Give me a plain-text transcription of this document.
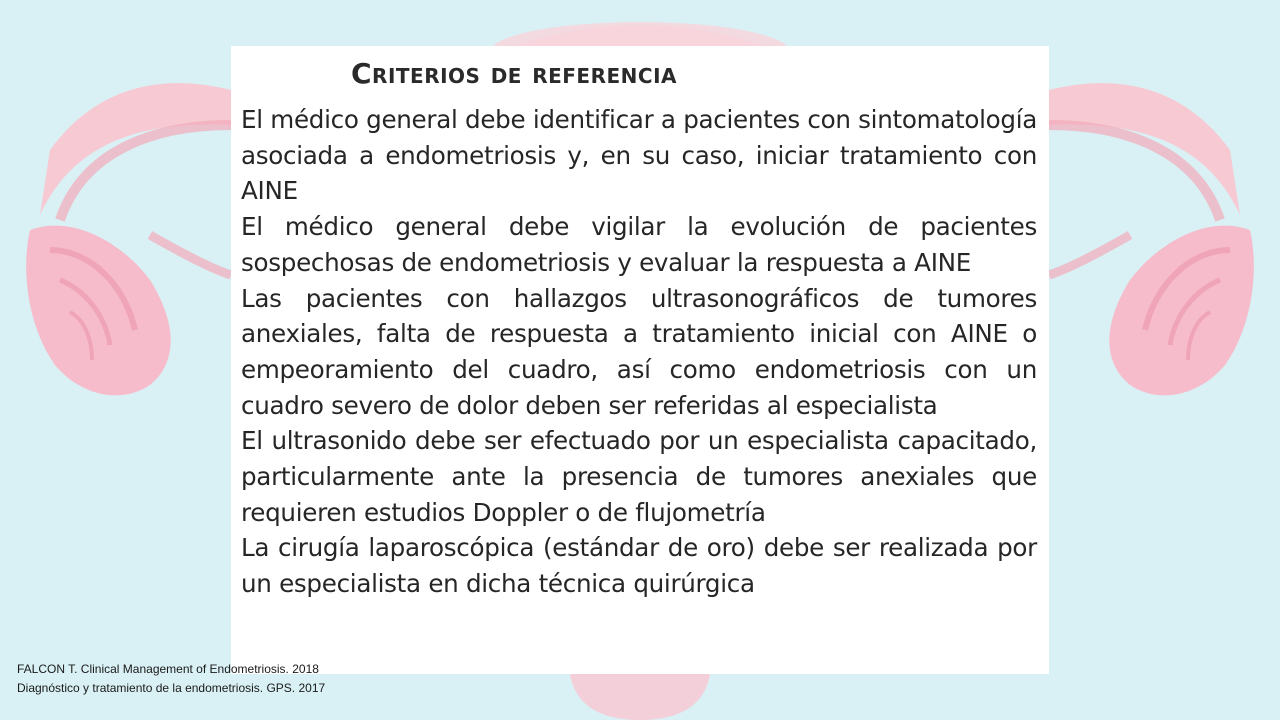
Criterios de referencia
El médico general debe identificar a pacientes con sintomatología asociada a endometriosis y, en su caso, iniciar tratamiento con AINE
El médico general debe vigilar la evolución de pacientes sospechosas de endometriosis y evaluar la respuesta a AINE
Las pacientes con hallazgos ultrasonográficos de tumores anexiales, falta de respuesta a tratamiento inicial con AINE o empeoramiento del cuadro, así como endometriosis con un cuadro severo de dolor deben ser referidas al especialista
El ultrasonido debe ser efectuado por un especialista capacitado, particularmente ante la presencia de tumores anexiales que requieren estudios Doppler o de flujometría
La cirugía laparoscópica (estándar de oro) debe ser realizada por un especialista en dicha técnica quirúrgica
FALCON T. Clinical Management of Endometriosis. 2018
Diagnóstico y tratamiento de la endometriosis. GPS. 2017
